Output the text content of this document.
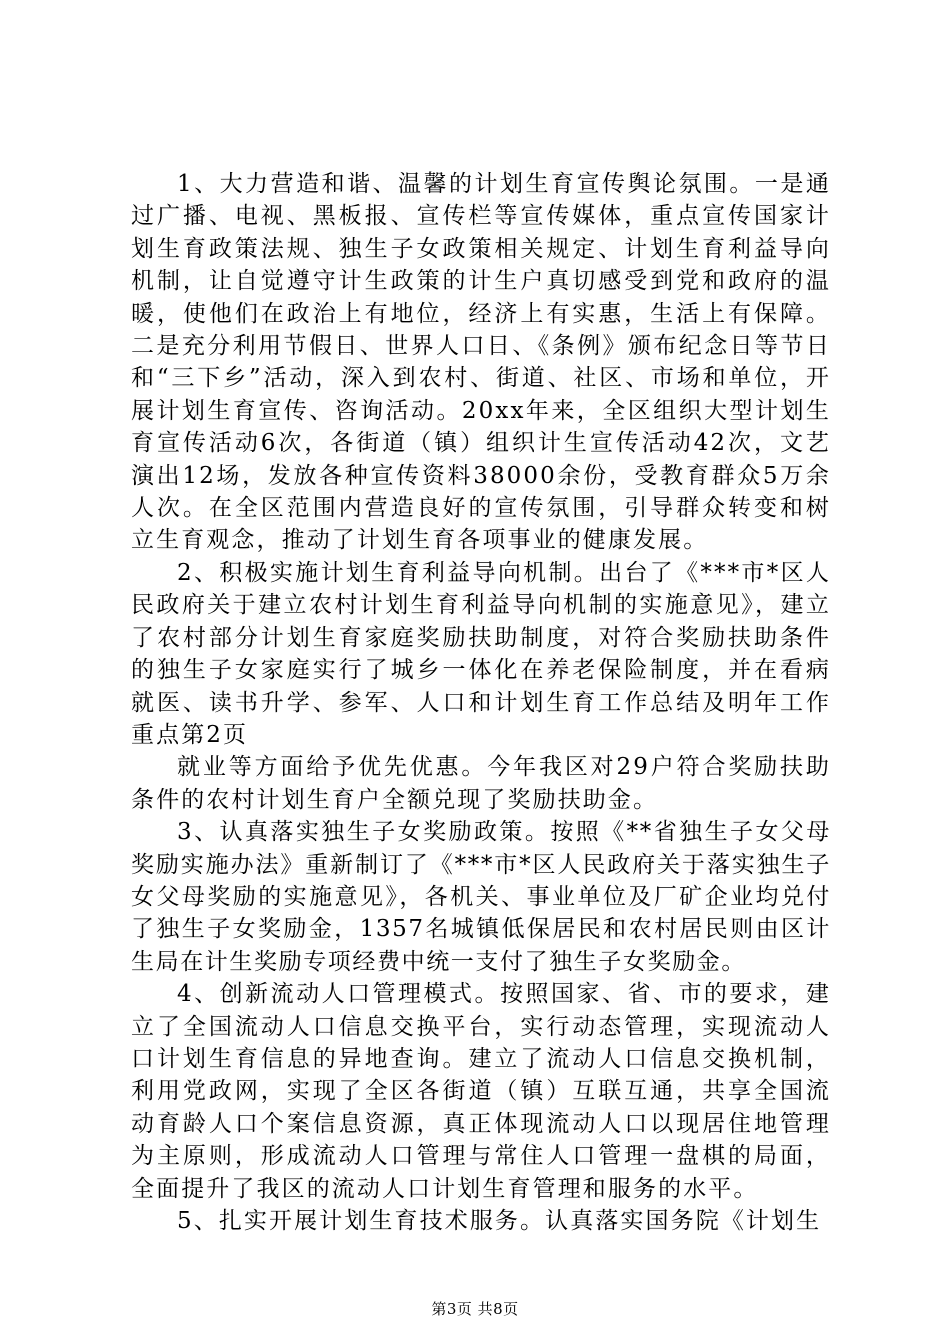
1、大力营造和谐、温馨的计划生育宣传舆论氛围。一是通过广播、电视、黑板报、宣传栏等宣传媒体，重点宣传国家计划生育政策法规、独生子女政策相关规定、计划生育利益导向机制，让自觉遵守计生政策的计生户真切感受到党和政府的温暖，使他们在政治上有地位，经济上有实惠，生活上有保障。二是充分利用节假日、世界人口日、《条例》颁布纪念日等节日和“三下乡”活动，深入到农村、街道、社区、市场和单位，开展计划生育宣传、咨询活动。20xx年来，全区组织大型计划生育宣传活动6次，各街道（镇）组织计生宣传活动42次，文艺演出12场，发放各种宣传资料38000余份，受教育群众5万余人次。在全区范围内营造良好的宣传氛围，引导群众转变和树立生育观念，推动了计划生育各项事业的健康发展。

2、积极实施计划生育利益导向机制。出台了《***市*区人民政府关于建立农村计划生育利益导向机制的实施意见》，建立了农村部分计划生育家庭奖励扶助制度，对符合奖励扶助条件的独生子女家庭实行了城乡一体化在养老保险制度，并在看病就医、读书升学、参军、人口和计划生育工作总结及明年工作重点第2页

就业等方面给予优先优惠。今年我区对29户符合奖励扶助条件的农村计划生育户全额兑现了奖励扶助金。

3、认真落实独生子女奖励政策。按照《**省独生子女父母奖励实施办法》重新制订了《***市*区人民政府关于落实独生子女父母奖励的实施意见》，各机关、事业单位及厂矿企业均兑付了独生子女奖励金，1357名城镇低保居民和农村居民则由区计生局在计生奖励专项经费中统一支付了独生子女奖励金。

4、创新流动人口管理模式。按照国家、省、市的要求，建立了全国流动人口信息交换平台，实行动态管理，实现流动人口计划生育信息的异地查询。建立了流动人口信息交换机制，利用党政网，实现了全区各街道（镇）互联互通，共享全国流动育龄人口个案信息资源，真正体现流动人口以现居住地管理为主原则，形成流动人口管理与常住人口管理一盘棋的局面，全面提升了我区的流动人口计划生育管理和服务的水平。

5、扎实开展计划生育技术服务。认真落实国务院《计划生

第3页 共8页
